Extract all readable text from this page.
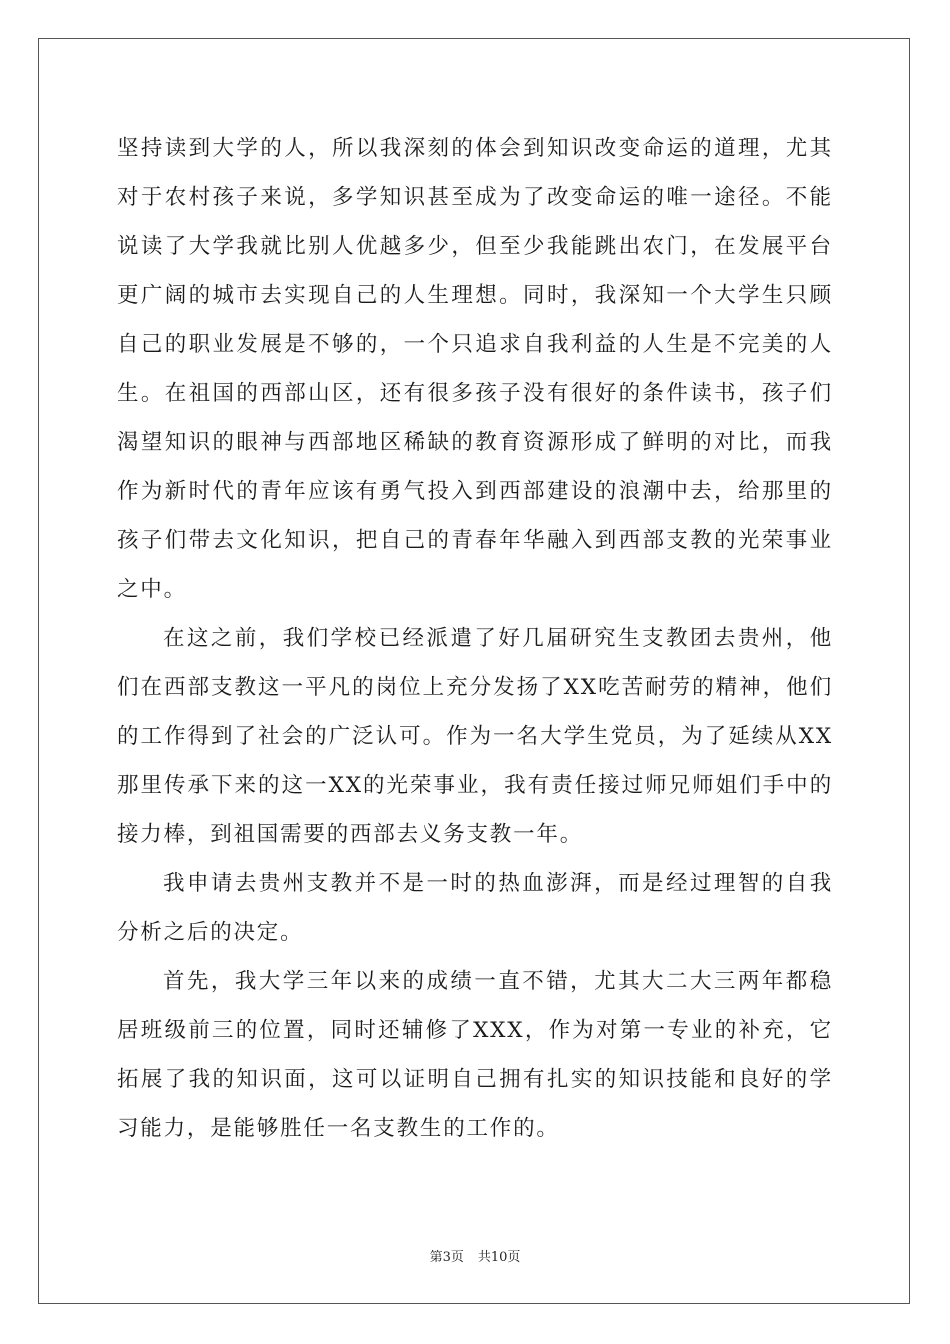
坚持读到大学的人，所以我深刻的体会到知识改变命运的道理，尤其对于农村孩子来说，多学知识甚至成为了改变命运的唯一途径。不能说读了大学我就比别人优越多少，但至少我能跳出农门，在发展平台更广阔的城市去实现自己的人生理想。同时，我深知一个大学生只顾自己的职业发展是不够的，一个只追求自我利益的人生是不完美的人生。在祖国的西部山区，还有很多孩子没有很好的条件读书，孩子们渴望知识的眼神与西部地区稀缺的教育资源形成了鲜明的对比，而我作为新时代的青年应该有勇气投入到西部建设的浪潮中去，给那里的孩子们带去文化知识，把自己的青春年华融入到西部支教的光荣事业之中。

在这之前，我们学校已经派遣了好几届研究生支教团去贵州，他们在西部支教这一平凡的岗位上充分发扬了XX吃苦耐劳的精神，他们的工作得到了社会的广泛认可。作为一名大学生党员，为了延续从XX那里传承下来的这一XX的光荣事业，我有责任接过师兄师姐们手中的接力棒，到祖国需要的西部去义务支教一年。

我申请去贵州支教并不是一时的热血澎湃，而是经过理智的自我分析之后的决定。

首先，我大学三年以来的成绩一直不错，尤其大二大三两年都稳居班级前三的位置，同时还辅修了XXX，作为对第一专业的补充，它拓展了我的知识面，这可以证明自己拥有扎实的知识技能和良好的学习能力，是能够胜任一名支教生的工作的。

第3页 共10页
